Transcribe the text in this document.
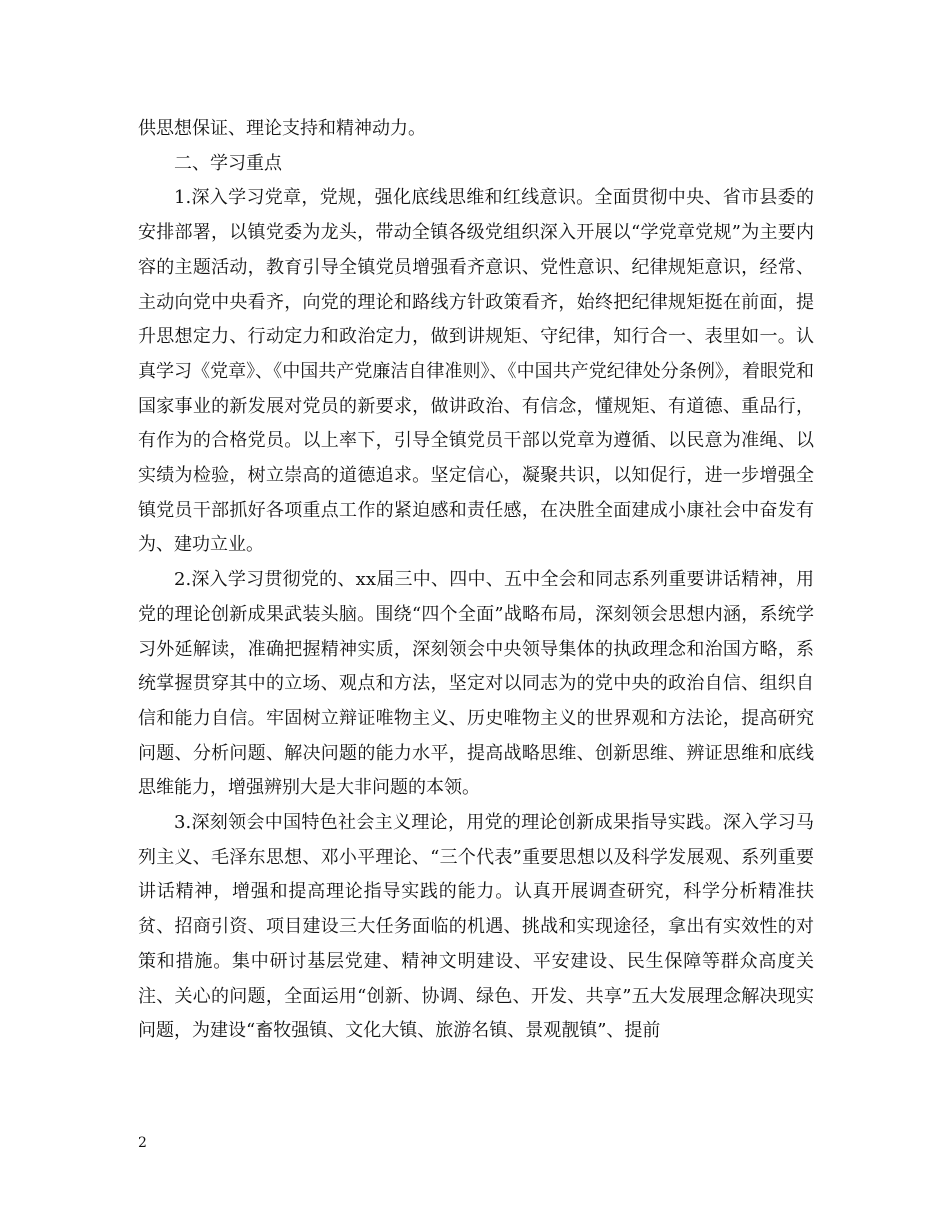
供思想保证、理论支持和精神动力。

二、学习重点

1.深入学习党章，党规，强化底线思维和红线意识。全面贯彻中央、省市县委的安排部署，以镇党委为龙头，带动全镇各级党组织深入开展以“学党章党规”为主要内容的主题活动，教育引导全镇党员增强看齐意识、党性意识、纪律规矩意识，经常、主动向党中央看齐，向党的理论和路线方针政策看齐，始终把纪律规矩挺在前面，提升思想定力、行动定力和政治定力，做到讲规矩、守纪律，知行合一、表里如一。认真学习《党章》、《中国共产党廉洁自律准则》、《中国共产党纪律处分条例》，着眼党和国家事业的新发展对党员的新要求，做讲政治、有信念，懂规矩、有道德、重品行，有作为的合格党员。以上率下，引导全镇党员干部以党章为遵循、以民意为准绳、以实绩为检验，树立崇高的道德追求。坚定信心，凝聚共识，以知促行，进一步增强全镇党员干部抓好各项重点工作的紧迫感和责任感，在决胜全面建成小康社会中奋发有为、建功立业。

2.深入学习贯彻党的、xx届三中、四中、五中全会和同志系列重要讲话精神，用党的理论创新成果武装头脑。围绕“四个全面”战略布局，深刻领会思想内涵，系统学习外延解读，准确把握精神实质，深刻领会中央领导集体的执政理念和治国方略，系统掌握贯穿其中的立场、观点和方法，坚定对以同志为的党中央的政治自信、组织自信和能力自信。牢固树立辩证唯物主义、历史唯物主义的世界观和方法论，提高研究问题、分析问题、解决问题的能力水平，提高战略思维、创新思维、辨证思维和底线思维能力，增强辨别大是大非问题的本领。

3.深刻领会中国特色社会主义理论，用党的理论创新成果指导实践。深入学习马列主义、毛泽东思想、邓小平理论、“三个代表”重要思想以及科学发展观、系列重要讲话精神，增强和提高理论指导实践的能力。认真开展调查研究，科学分析精准扶贫、招商引资、项目建设三大任务面临的机遇、挑战和实现途径，拿出有实效性的对策和措施。集中研讨基层党建、精神文明建设、平安建设、民生保障等群众高度关注、关心的问题，全面运用“创新、协调、绿色、开发、共享”五大发展理念解决现实问题，为建设“畜牧强镇、文化大镇、旅游名镇、景观靓镇”、提前

2
